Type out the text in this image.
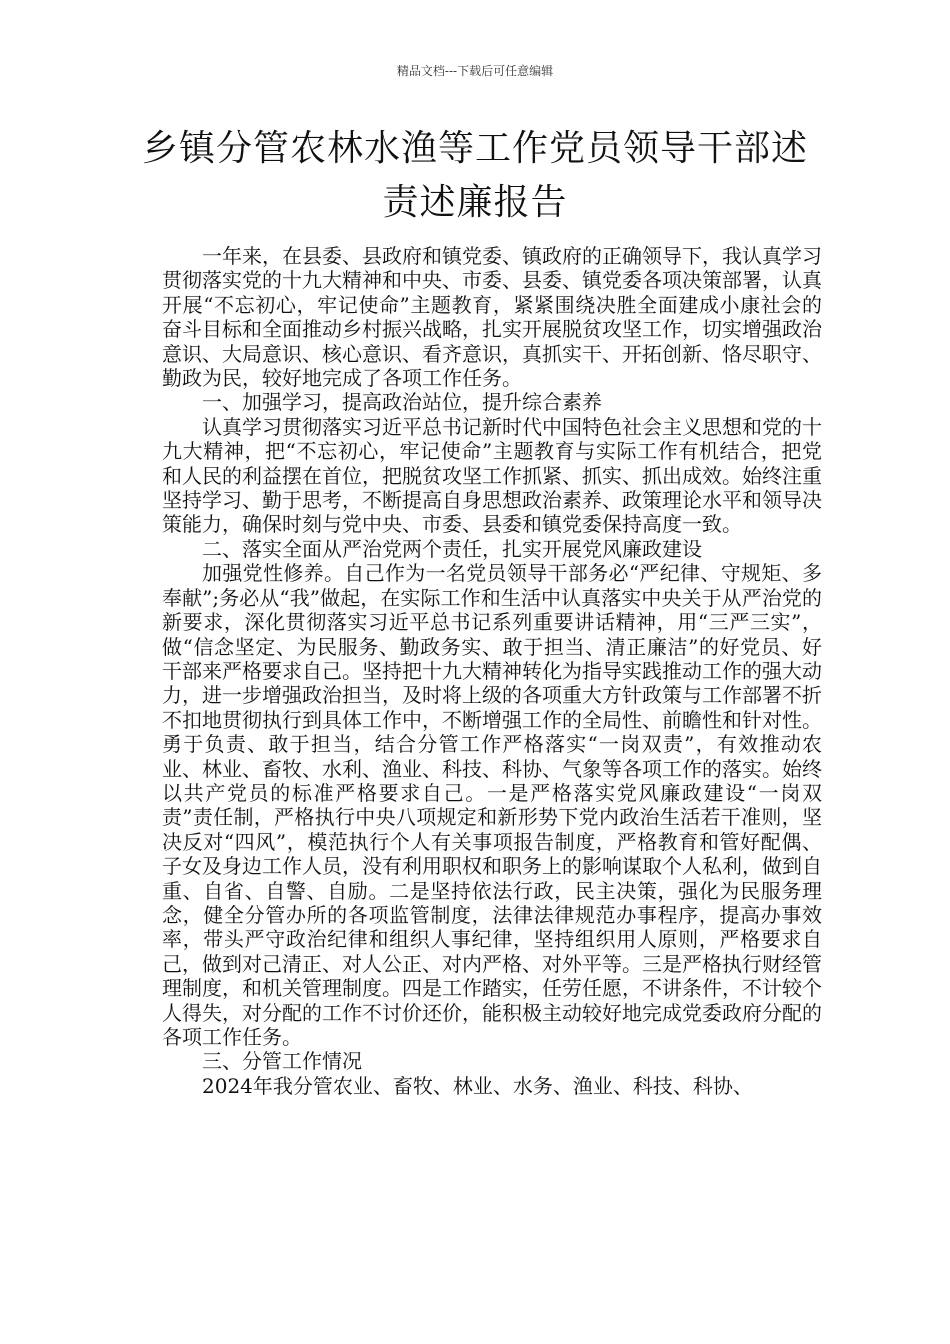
精品文档---下载后可任意编辑
乡镇分管农林水渔等工作党员领导干部述
责述廉报告

一年来，在县委、县政府和镇党委、镇政府的正确领导下，我认真学习贯彻落实党的十九大精神和中央、市委、县委、镇党委各项决策部署，认真开展“不忘初心，牢记使命”主题教育，紧紧围绕决胜全面建成小康社会的奋斗目标和全面推动乡村振兴战略，扎实开展脱贫攻坚工作，切实增强政治意识、大局意识、核心意识、看齐意识，真抓实干、开拓创新、恪尽职守、勤政为民，较好地完成了各项工作任务。

一、加强学习，提高政治站位，提升综合素养

认真学习贯彻落实习近平总书记新时代中国特色社会主义思想和党的十九大精神，把“不忘初心，牢记使命”主题教育与实际工作有机结合，把党和人民的利益摆在首位，把脱贫攻坚工作抓紧、抓实、抓出成效。始终注重坚持学习、勤于思考，不断提高自身思想政治素养、政策理论水平和领导决策能力，确保时刻与党中央、市委、县委和镇党委保持高度一致。

二、落实全面从严治党两个责任，扎实开展党风廉政建设

加强党性修养。自己作为一名党员领导干部务必“严纪律、守规矩、多奉献”;务必从“我”做起，在实际工作和生活中认真落实中央关于从严治党的新要求，深化贯彻落实习近平总书记系列重要讲话精神，用“三严三实”，做“信念坚定、为民服务、勤政务实、敢于担当、清正廉洁”的好党员、好干部来严格要求自己。坚持把十九大精神转化为指导实践推动工作的强大动力，进一步增强政治担当，及时将上级的各项重大方针政策与工作部署不折不扣地贯彻执行到具体工作中，不断增强工作的全局性、前瞻性和针对性。勇于负责、敢于担当，结合分管工作严格落实“一岗双责”，有效推动农业、林业、畜牧、水利、渔业、科技、科协、气象等各项工作的落实。始终以共产党员的标准严格要求自己。一是严格落实党风廉政建设“一岗双责”责任制，严格执行中央八项规定和新形势下党内政治生活若干准则，坚决反对“四风”，模范执行个人有关事项报告制度，严格教育和管好配偶、子女及身边工作人员，没有利用职权和职务上的影响谋取个人私利，做到自重、自省、自警、自励。二是坚持依法行政，民主决策，强化为民服务理念，健全分管办所的各项监管制度，法律法律规范办事程序，提高办事效率，带头严守政治纪律和组织人事纪律，坚持组织用人原则，严格要求自己，做到对己清正、对人公正、对内严格、对外平等。三是严格执行财经管理制度，和机关管理制度。四是工作踏实，任劳任愿，不讲条件，不计较个人得失，对分配的工作不讨价还价，能积极主动较好地完成党委政府分配的各项工作任务。

三、分管工作情况

2024年我分管农业、畜牧、林业、水务、渔业、科技、科协、
